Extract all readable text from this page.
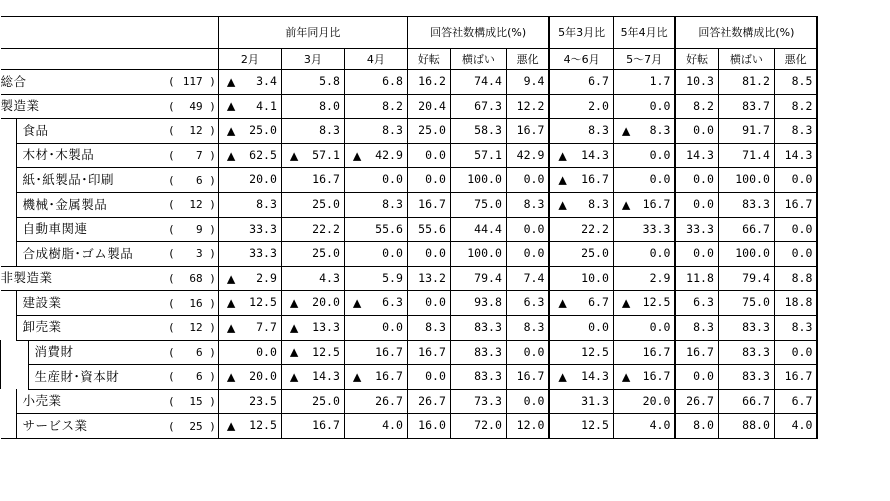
				前年同月比			回答社数構成比(%)			5年3月比	5年4月比	回答社数構成比(%)		
				2月	3月	4月	好転	横ばい	悪化	4～6月	5～7月	好転	横ばい	悪化
総合			( 117 )	▲ 3.4	5.8	6.8	16.2	74.4	9.4	6.7	1.7	10.3	81.2	8.5
製造業			( 49 )	▲ 4.1	8.0	8.2	20.4	67.3	12.2	2.0	0.0	8.2	83.7	8.2
	食品		( 12 )	▲ 25.0	8.3	8.3	25.0	58.3	16.7	8.3	▲ 8.3	0.0	91.7	8.3
	木材･木製品		( 7 )	▲ 62.5	▲ 57.1	▲ 42.9	0.0	57.1	42.9	▲ 14.3	0.0	14.3	71.4	14.3
	紙･紙製品･印刷		( 6 )	20.0	16.7	0.0	0.0	100.0	0.0	▲ 16.7	0.0	0.0	100.0	0.0
	機械･金属製品		( 12 )	8.3	25.0	8.3	16.7	75.0	8.3	▲ 8.3	▲ 16.7	0.0	83.3	16.7
	自動車関連		( 9 )	33.3	22.2	55.6	55.6	44.4	0.0	22.2	33.3	33.3	66.7	0.0
	合成樹脂･ゴム製品		( 3 )	33.3	25.0	0.0	0.0	100.0	0.0	25.0	0.0	0.0	100.0	0.0
非製造業			( 68 )	▲ 2.9	4.3	5.9	13.2	79.4	7.4	10.0	2.9	11.8	79.4	8.8
	建設業		( 16 )	▲ 12.5	▲ 20.0	▲ 6.3	0.0	93.8	6.3	▲ 6.7	▲ 12.5	6.3	75.0	18.8
	卸売業		( 12 )	▲ 7.7	▲ 13.3	0.0	8.3	83.3	8.3	0.0	0.0	8.3	83.3	8.3
		消費財	( 6 )	0.0	▲ 12.5	16.7	16.7	83.3	0.0	12.5	16.7	16.7	83.3	0.0
		生産財･資本財	( 6 )	▲ 20.0	▲ 14.3	▲ 16.7	0.0	83.3	16.7	▲ 14.3	▲ 16.7	0.0	83.3	16.7
	小売業		( 15 )	23.5	25.0	26.7	26.7	73.3	0.0	31.3	20.0	26.7	66.7	6.7
	サービス業		( 25 )	▲ 12.5	16.7	4.0	16.0	72.0	12.0	12.5	4.0	8.0	88.0	4.0
